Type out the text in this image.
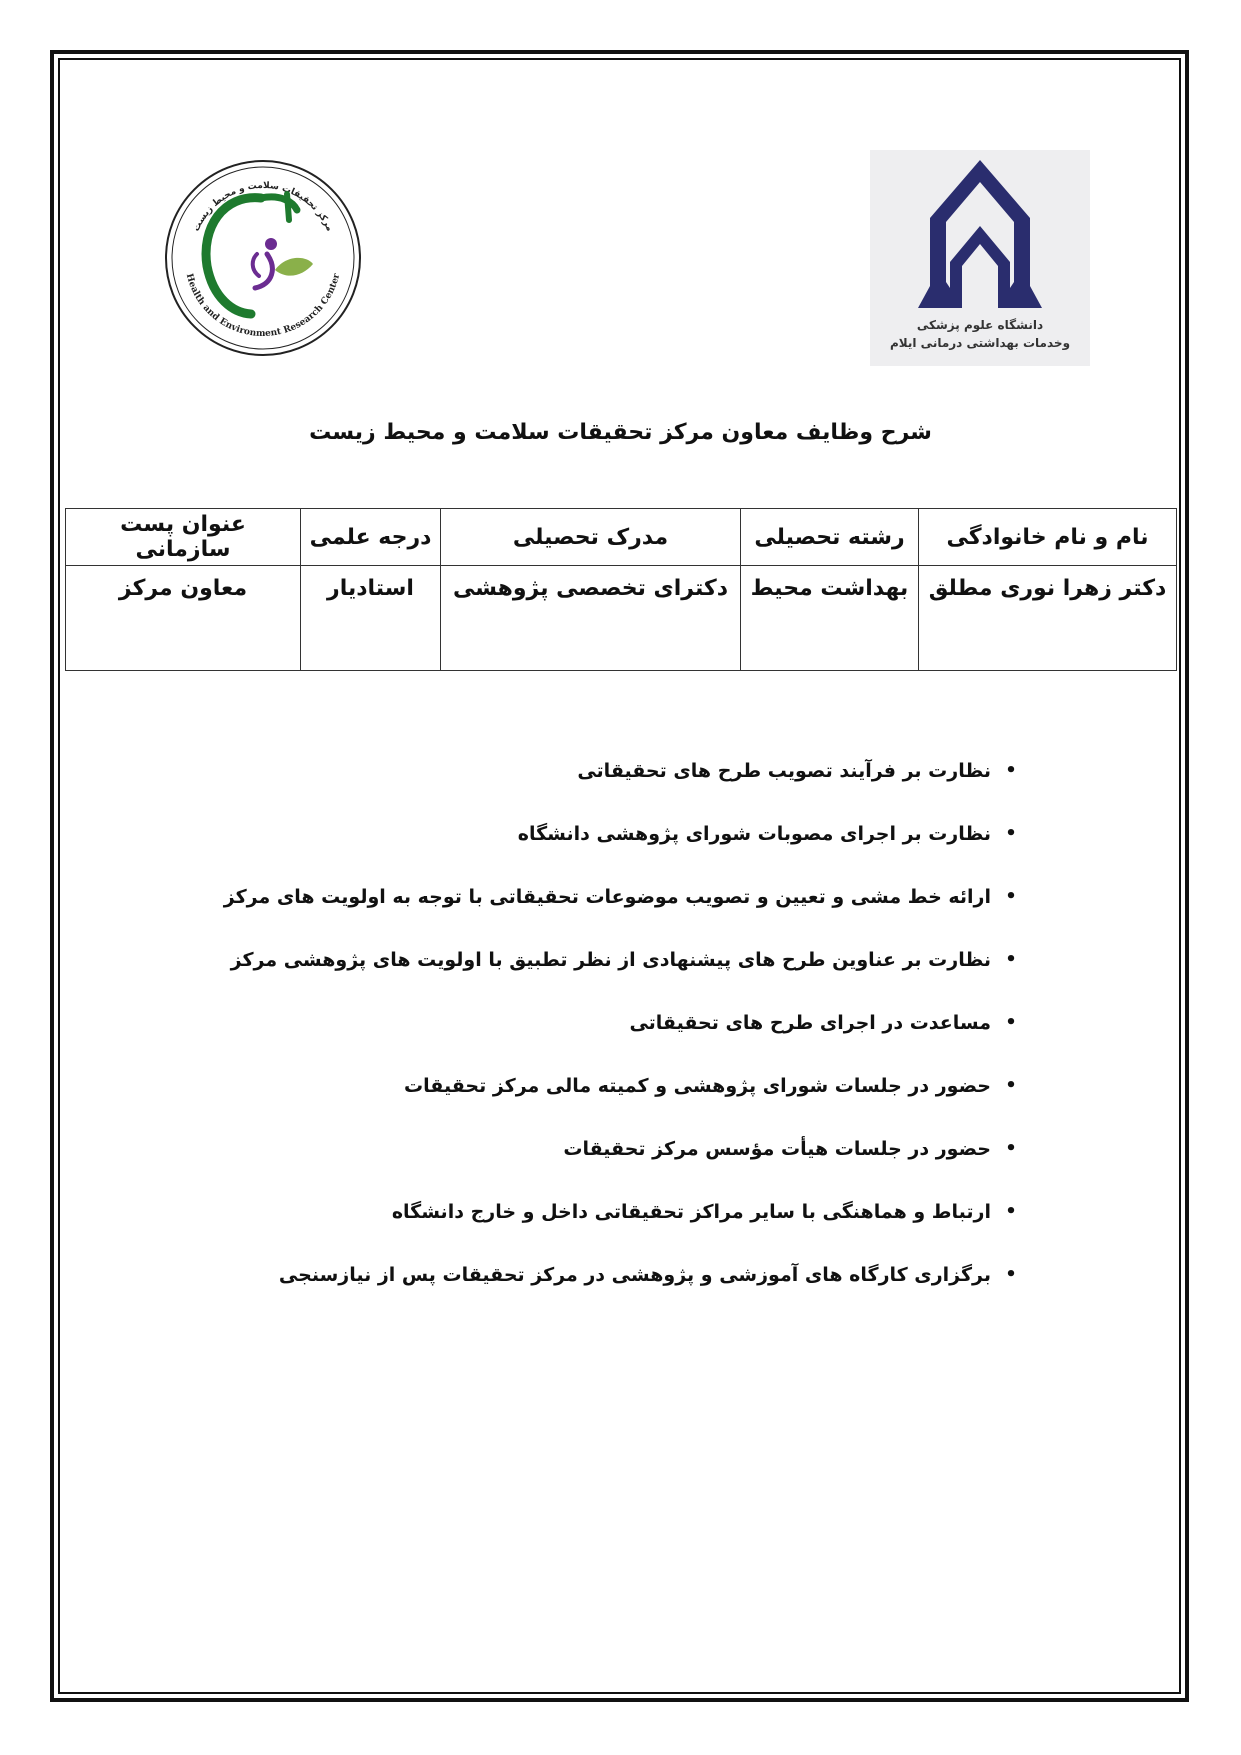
Health and Environment Research Center
مرکز تحقیقات سلامت و محیط زیست
دانشگاه علوم پزشکی
وخدمات بهداشتی درمانی ایلام
شرح وظایف معاون مرکز تحقیقات سلامت و محیط زیست
نام و نام خانوادگی	رشته تحصیلی	مدرک تحصیلی	درجه علمی	عنوان پست سازمانی
دکتر زهرا نوری مطلق	بهداشت محیط	دکترای تخصصی پژوهشی	استادیار	معاون مرکز
•
نظارت بر فرآیند تصویب طرح های تحقیقاتی
•
نظارت بر اجرای مصوبات شورای پژوهشی دانشگاه
•
ارائه خط مشی و تعیین و تصویب موضوعات تحقیقاتی با توجه به اولویت های مرکز
•
نظارت بر عناوین طرح های پیشنهادی از نظر تطبیق با اولویت های پژوهشی مرکز
•
مساعدت در اجرای طرح های تحقیقاتی
•
حضور در جلسات شورای پژوهشی و کمیته مالی مرکز تحقیقات
•
حضور در جلسات هیأت مؤسس مرکز تحقیقات
•
ارتباط و هماهنگی با سایر مراکز تحقیقاتی داخل و خارج دانشگاه
•
برگزاری کارگاه های آموزشی و پژوهشی در مرکز تحقیقات پس از نیازسنجی
